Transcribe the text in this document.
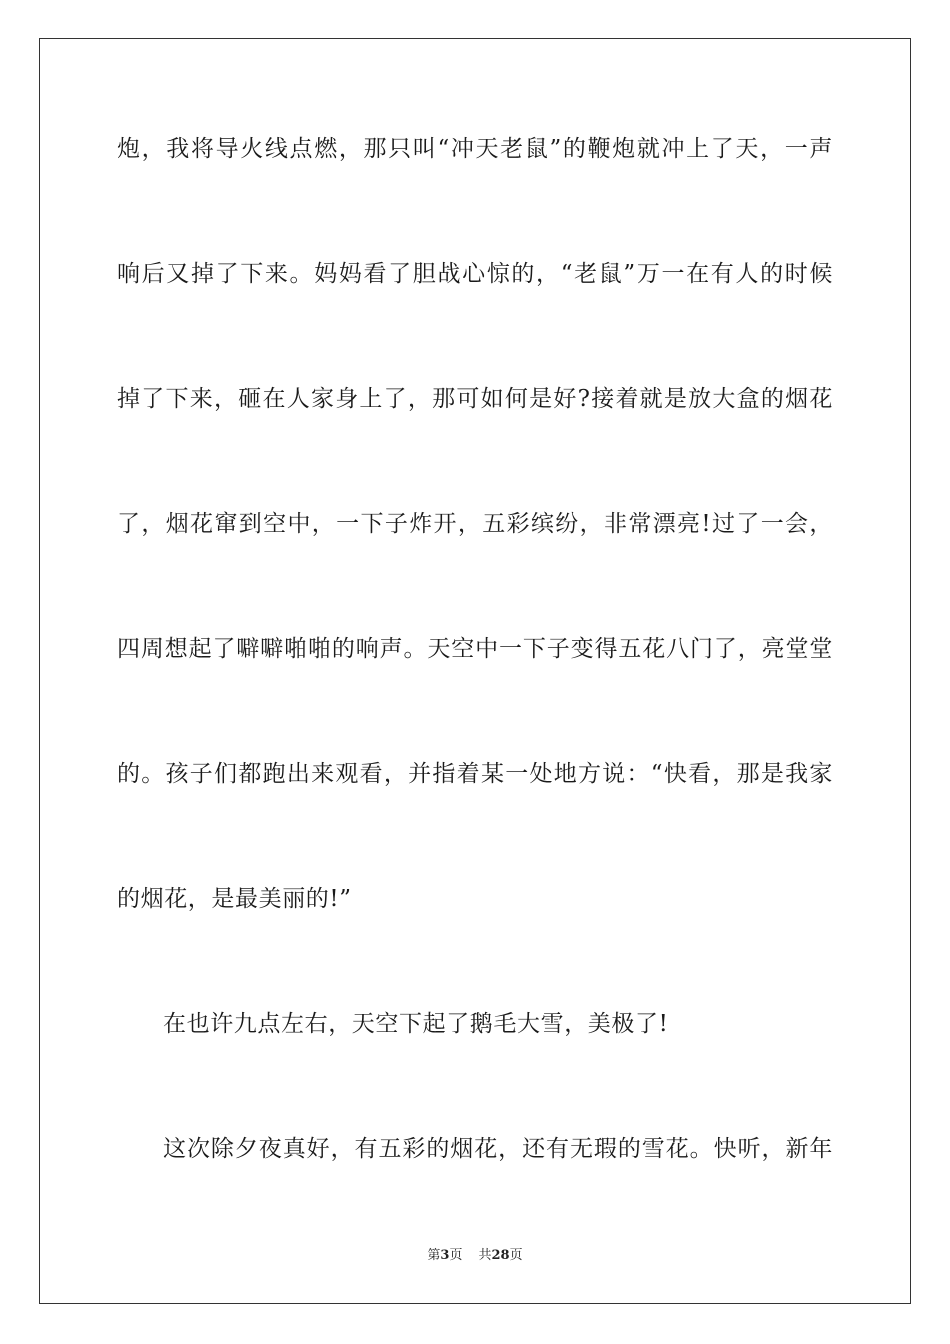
炮，我将导火线点燃，那只叫“冲天老鼠”的鞭炮就冲上了天，一声
响后又掉了下来。妈妈看了胆战心惊的，“老鼠”万一在有人的时候
掉了下来，砸在人家身上了，那可如何是好?接着就是放大盒的烟花
了，烟花窜到空中，一下子炸开，五彩缤纷，非常漂亮!过了一会，
四周想起了噼噼啪啪的响声。天空中一下子变得五花八门了，亮堂堂
的。孩子们都跑出来观看，并指着某一处地方说：“快看，那是我家
的烟花，是最美丽的!”
在也许九点左右，天空下起了鹅毛大雪，美极了!
这次除夕夜真好，有五彩的烟花，还有无瑕的雪花。快听，新年
第3页 共28页
